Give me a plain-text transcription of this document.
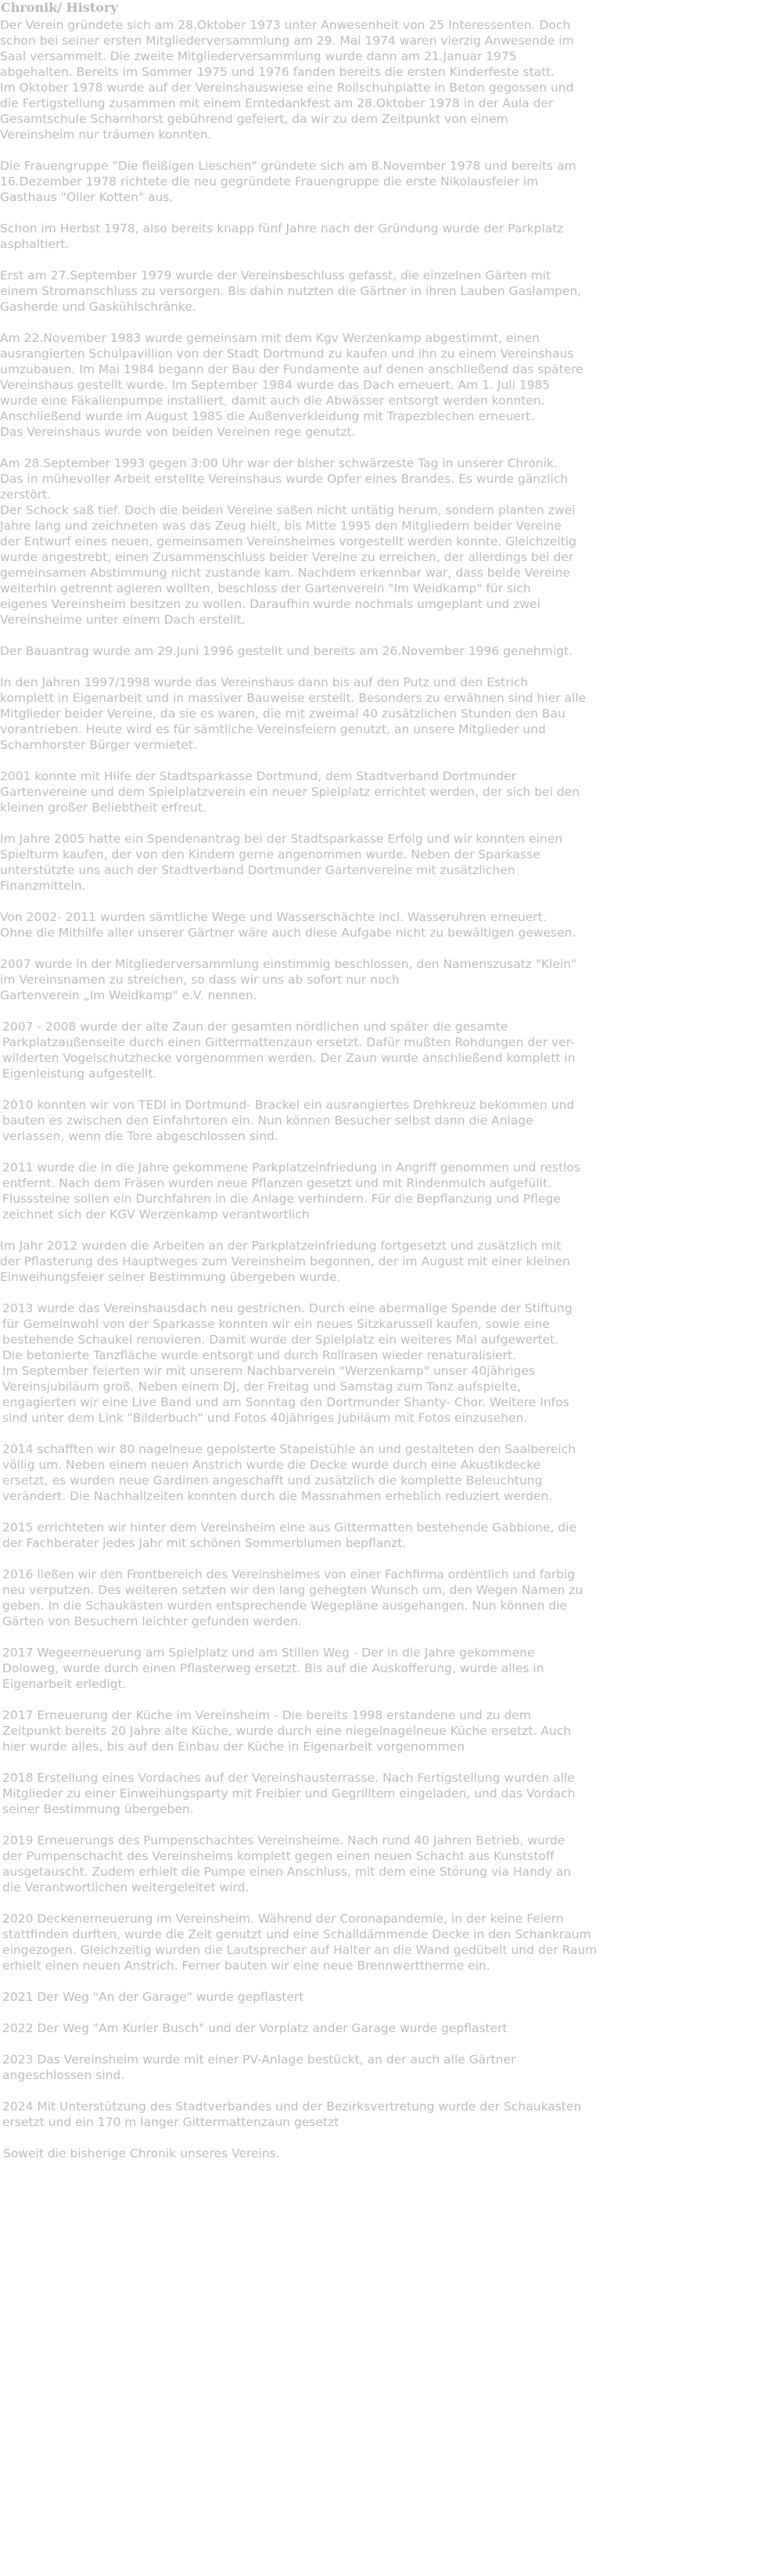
Chronik/ History
Der Verein gründete sich am 28.Oktober 1973 unter Anwesenheit von 25 Interessenten. Doch
schon bei seiner ersten Mitgliederversammlung am 29. Mai 1974 waren vierzig Anwesende im
Saal versammelt. Die zweite Mitgliederversammlung wurde dann am 21.Januar 1975
abgehalten. Bereits im Sommer 1975 und 1976 fanden bereits die ersten Kinderfeste statt.
Im Oktober 1978 wurde auf der Vereinshauswiese eine Rollschuhplatte in Beton gegossen und
die Fertigstellung zusammen mit einem Erntedankfest am 28.Oktober 1978 in der Aula der
Gesamtschule Scharnhorst gebührend gefeiert, da wir zu dem Zeitpunkt von einem
Vereinsheim nur träumen konnten.
Die Frauengruppe "Die fleißigen Lieschen" gründete sich am 8.November 1978 und bereits am
16.Dezember 1978 richtete die neu gegründete Frauengruppe die erste Nikolausfeier im
Gasthaus "Oller Kotten" aus.
Schon im Herbst 1978, also bereits knapp fünf Jahre nach der Gründung wurde der Parkplatz
asphaltiert.
Erst am 27.September 1979 wurde der Vereinsbeschluss gefasst, die einzelnen Gärten mit
einem Stromanschluss zu versorgen. Bis dahin nutzten die Gärtner in ihren Lauben Gaslampen,
Gasherde und Gaskühlschränke.
Am 22.November 1983 wurde gemeinsam mit dem Kgv Werzenkamp abgestimmt, einen
ausrangierten Schulpavillion von der Stadt Dortmund zu kaufen und ihn zu einem Vereinshaus
umzubauen. Im Mai 1984 begann der Bau der Fundamente auf denen anschließend das spätere
Vereinshaus gestellt wurde. Im September 1984 wurde das Dach erneuert. Am 1. Juli 1985
wurde eine Fäkalienpumpe installiert, damit auch die Abwässer entsorgt werden konnten.
Anschließend wurde im August 1985 die Außenverkleidung mit Trapezblechen erneuert.
Das Vereinshaus wurde von beiden Vereinen rege genutzt.
Am 28.September 1993 gegen 3:00 Uhr war der bisher schwärzeste Tag in unserer Chronik.
Das in mühevoller Arbeit erstellte Vereinshaus wurde Opfer eines Brandes. Es wurde gänzlich
zerstört.
Der Schock saß tief. Doch die beiden Vereine saßen nicht untätig herum, sondern planten zwei
Jahre lang und zeichneten was das Zeug hielt, bis Mitte 1995 den Mitgliedern beider Vereine
der Entwurf eines neuen, gemeinsamen Vereinsheimes vorgestellt werden konnte. Gleichzeitig
wurde angestrebt, einen Zusammenschluss beider Vereine zu erreichen, der allerdings bei der
gemeinsamen Abstimmung nicht zustande kam. Nachdem erkennbar war, dass beide Vereine
weiterhin getrennt agieren wollten, beschloss der Gartenverein "Im Weidkamp" für sich
eigenes Vereinsheim besitzen zu wollen. Daraufhin wurde nochmals umgeplant und zwei
Vereinsheime unter einem Dach erstellt.
Der Bauantrag wurde am 29.Juni 1996 gestellt und bereits am 26.November 1996 genehmigt.
In den Jahren 1997/1998 wurde das Vereinshaus dann bis auf den Putz und den Estrich
komplett in Eigenarbeit und in massiver Bauweise erstellt. Besonders zu erwähnen sind hier alle
Mitglieder beider Vereine, da sie es waren, die mit zweimal 40 zusätzlichen Stunden den Bau
vorantrieben. Heute wird es für sämtliche Vereinsfeiern genutzt, an unsere Mitglieder und
Scharnhorster Bürger vermietet.
2001 konnte mit Hilfe der Stadtsparkasse Dortmund, dem Stadtverband Dortmunder
Gartenvereine und dem Spielplatzverein ein neuer Spielplatz errichtet werden, der sich bei den
kleinen großer Beliebtheit erfreut.
Im Jahre 2005 hatte ein Spendenantrag bei der Stadtsparkasse Erfolg und wir konnten einen
Spielturm kaufen, der von den Kindern gerne angenommen wurde. Neben der Sparkasse
unterstützte uns auch der Stadtverband Dortmunder Gartenvereine mit zusätzlichen
Finanzmitteln.
Von 2002- 2011 wurden sämtliche Wege und Wasserschächte incl. Wasseruhren erneuert.
Ohne die Mithilfe aller unserer Gärtner wäre auch diese Aufgabe nicht zu bewältigen gewesen.
2007 wurde in der Mitgliederversammlung einstimmig beschlossen, den Namenszusatz "Klein"
im Vereinsnamen zu streichen, so dass wir uns ab sofort nur noch
Gartenverein „Im Weidkamp" e.V. nennen.
2007 - 2008 wurde der alte Zaun der gesamten nördlichen und später die gesamte
Parkplatzaußenseite durch einen Gittermattenzaun ersetzt. Dafür mußten Rohdungen der ver-
wilderten Vogelschutzhecke vorgenommen werden. Der Zaun wurde anschließend komplett in
Eigenleistung aufgestellt.
2010 konnten wir von TEDI in Dortmund- Brackel ein ausrangiertes Drehkreuz bekommen und
bauten es zwischen den Einfahrtoren ein. Nun können Besucher selbst dann die Anlage
verlassen, wenn die Tore abgeschlossen sind.
2011 wurde die in die Jahre gekommene Parkplatzeinfriedung in Angriff genommen und restlos
entfernt. Nach dem Fräsen wurden neue Pflanzen gesetzt und mit Rindenmulch aufgefüllt.
Flusssteine sollen ein Durchfahren in die Anlage verhindern. Für die Bepflanzung und Pflege
zeichnet sich der KGV Werzenkamp verantwortlich
Im Jahr 2012 wurden die Arbeiten an der Parkplatzeinfriedung fortgesetzt und zusätzlich mit
der Pflasterung des Hauptweges zum Vereinsheim begonnen, der im August mit einer kleinen
Einweihungsfeier seiner Bestimmung übergeben wurde.
2013 wurde das Vereinshausdach neu gestrichen. Durch eine abermalige Spende der Stiftung
für Gemeinwohl von der Sparkasse konnten wir ein neues Sitzkarussell kaufen, sowie eine
bestehende Schaukel renovieren. Damit wurde der Spielplatz ein weiteres Mal aufgewertet.
Die betonierte Tanzfläche wurde entsorgt und durch Rollrasen wieder renaturalisiert.
Im September feierten wir mit unserem Nachbarverein "Werzenkamp" unser 40jähriges
Vereinsjubiläum groß. Neben einem DJ, der Freitag und Samstag zum Tanz aufspielte,
engagierten wir eine Live Band und am Sonntag den Dortmunder Shanty- Chor. Weitere Infos
sind unter dem Link "Bilderbuch" und Fotos 40jähriges Jubiläum mit Fotos einzusehen.
2014 schafften wir 80 nagelneue gepolsterte Stapelstühle an und gestalteten den Saalbereich
völlig um. Neben einem neuen Anstrich wurde die Decke wurde durch eine Akustikdecke
ersetzt, es wurden neue Gardinen angeschafft und zusätzlich die komplette Beleuchtung
verändert. Die Nachhallzeiten konnten durch die Massnahmen erheblich reduziert werden.
2015 errichteten wir hinter dem Vereinsheim eine aus Gittermatten bestehende Gabbione, die
der Fachberater jedes Jahr mit schönen Sommerblumen bepflanzt.
2016 ließen wir den Frontbereich des Vereinsheimes von einer Fachfirma ordentlich und farbig
neu verputzen. Des weiteren setzten wir den lang gehegten Wunsch um, den Wegen Namen zu
geben. In die Schaukästen wurden entsprechende Wegepläne ausgehangen. Nun können die
Gärten von Besuchern leichter gefunden werden.
2017 Wegeerneuerung am Spielplatz und am Stillen Weg - Der in die Jahre gekommene
Doloweg, wurde durch einen Pflasterweg ersetzt. Bis auf die Auskofferung, wurde alles in
Eigenarbeit erledigt.
2017 Erneuerung der Küche im Vereinsheim - Die bereits 1998 erstandene und zu dem
Zeitpunkt bereits 20 Jahre alte Küche, wurde durch eine niegelnagelneue Küche ersetzt. Auch
hier wurde alles, bis auf den Einbau der Küche in Eigenarbeit vorgenommen
2018 Erstellung eines Vordaches auf der Vereinshausterrasse. Nach Fertigstellung wurden alle
Mitglieder zu einer Einweihungsparty mit Freibier und Gegrilltem eingeladen, und das Vordach
seiner Bestimmung übergeben.
2019 Erneuerungs des Pumpenschachtes Vereinsheime. Nach rund 40 Jahren Betrieb, wurde
der Pumpenschacht des Vereinsheims komplett gegen einen neuen Schacht aus Kunststoff
ausgetauscht. Zudem erhielt die Pumpe einen Anschluss, mit dem eine Störung via Handy an
die Verantwortlichen weitergeleitet wird.
2020 Deckenerneuerung im Vereinsheim. Während der Coronapandemie, in der keine Feiern
stattfinden durften, wurde die Zeit genutzt und eine Schalldämmende Decke in den Schankraum
eingezogen. Gleichzeitig wurden die Lautsprecher auf Halter an die Wand gedübelt und der Raum
erhielt einen neuen Anstrich. Ferner bauten wir eine neue Brennwerttherme ein.
2021 Der Weg "An der Garage" wurde gepflastert
2022 Der Weg "Am Kurler Busch" und der Vorplatz ander Garage wurde gepflastert
2023 Das Vereinsheim wurde mit einer PV-Anlage bestückt, an der auch alle Gärtner
angeschlossen sind.
2024 Mit Unterstützung des Stadtverbandes und der Bezirksvertretung wurde der Schaukasten
ersetzt und ein 170 m langer Gittermattenzaun gesetzt
Soweit die bisherige Chronik unseres Vereins.
